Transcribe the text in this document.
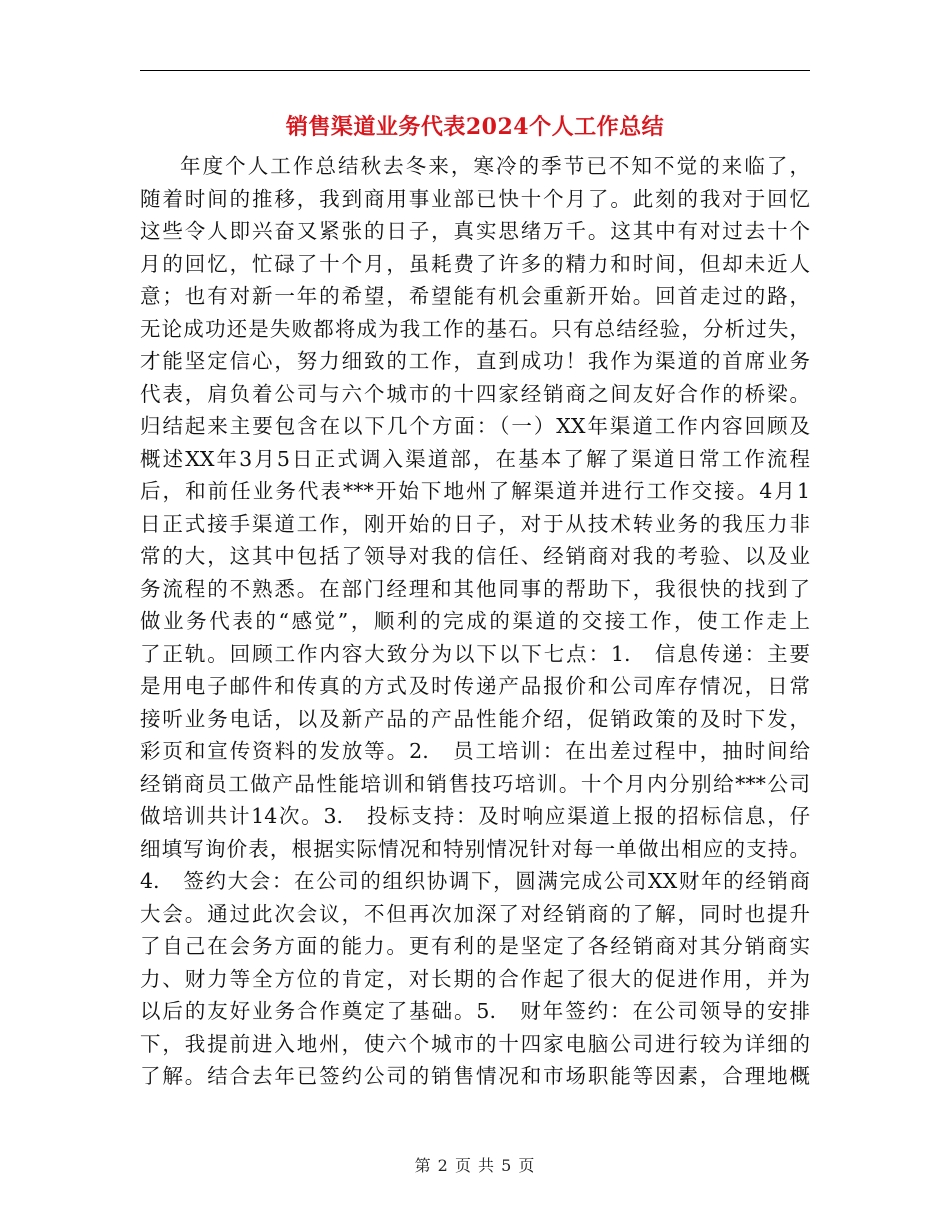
销售渠道业务代表2024个人工作总结
年度个人工作总结秋去冬来，寒冷的季节已不知不觉的来临了，
随着时间的推移，我到商用事业部已快十个月了。此刻的我对于回忆
这些令人即兴奋又紧张的日子，真实思绪万千。这其中有对过去十个
月的回忆，忙碌了十个月，虽耗费了许多的精力和时间，但却未近人
意；也有对新一年的希望，希望能有机会重新开始。回首走过的路，
无论成功还是失败都将成为我工作的基石。只有总结经验，分析过失，
才能坚定信心，努力细致的工作，直到成功！我作为渠道的首席业务
代表，肩负着公司与六个城市的十四家经销商之间友好合作的桥梁。
归结起来主要包含在以下几个方面：（一）XX年渠道工作内容回顾及
概述XX年3月5日正式调入渠道部，在基本了解了渠道日常工作流程
后，和前任业务代表***开始下地州了解渠道并进行工作交接。4月1
日正式接手渠道工作，刚开始的日子，对于从技术转业务的我压力非
常的大，这其中包括了领导对我的信任、经销商对我的考验、以及业
务流程的不熟悉。在部门经理和其他同事的帮助下，我很快的找到了
做业务代表的“感觉”，顺利的完成的渠道的交接工作，使工作走上
了正轨。回顾工作内容大致分为以下以下七点：1.　信息传递：主要
是用电子邮件和传真的方式及时传递产品报价和公司库存情况，日常
接听业务电话，以及新产品的产品性能介绍，促销政策的及时下发，
彩页和宣传资料的发放等。2.　员工培训：在出差过程中，抽时间给
经销商员工做产品性能培训和销售技巧培训。十个月内分别给***公司
做培训共计14次。3.　投标支持：及时响应渠道上报的招标信息，仔
细填写询价表，根据实际情况和特别情况针对每一单做出相应的支持。
4.　签约大会：在公司的组织协调下，圆满完成公司XX财年的经销商
大会。通过此次会议，不但再次加深了对经销商的了解，同时也提升
了自己在会务方面的能力。更有利的是坚定了各经销商对其分销商实
力、财力等全方位的肯定，对长期的合作起了很大的促进作用，并为
以后的友好业务合作奠定了基础。5.　财年签约：在公司领导的安排
下，我提前进入地州，使六个城市的十四家电脑公司进行较为详细的
了解。结合去年已签约公司的销售情况和市场职能等因素，合理地概
第 2 页 共 5 页
